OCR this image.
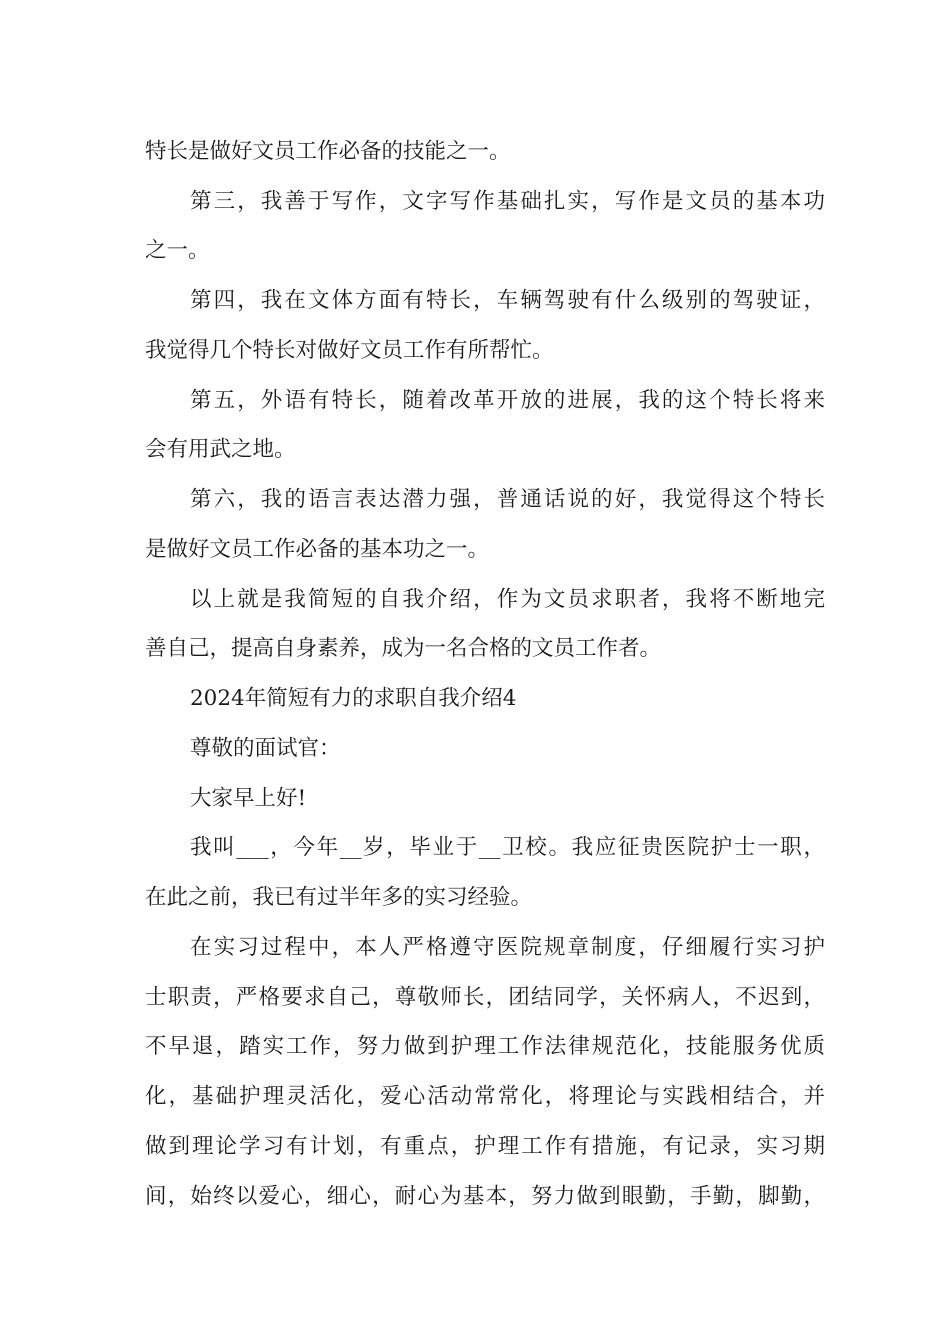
特长是做好文员工作必备的技能之一。
第三，我善于写作，文字写作基础扎实，写作是文员的基本功
之一。
第四，我在文体方面有特长，车辆驾驶有什么级别的驾驶证，
我觉得几个特长对做好文员工作有所帮忙。
第五，外语有特长，随着改革开放的进展，我的这个特长将来
会有用武之地。
第六，我的语言表达潜力强，普通话说的好，我觉得这个特长
是做好文员工作必备的基本功之一。
以上就是我简短的自我介绍，作为文员求职者，我将不断地完
善自己，提高自身素养，成为一名合格的文员工作者。
2024年简短有力的求职自我介绍4
尊敬的面试官：
大家早上好!
我叫___，今年__岁，毕业于__卫校。我应征贵医院护士一职，
在此之前，我已有过半年多的实习经验。
在实习过程中，本人严格遵守医院规章制度，仔细履行实习护
士职责，严格要求自己，尊敬师长，团结同学，关怀病人，不迟到，
不早退，踏实工作，努力做到护理工作法律规范化，技能服务优质
化，基础护理灵活化，爱心活动常常化，将理论与实践相结合，并
做到理论学习有计划，有重点，护理工作有措施，有记录，实习期
间，始终以爱心，细心，耐心为基本，努力做到眼勤，手勤，脚勤，
